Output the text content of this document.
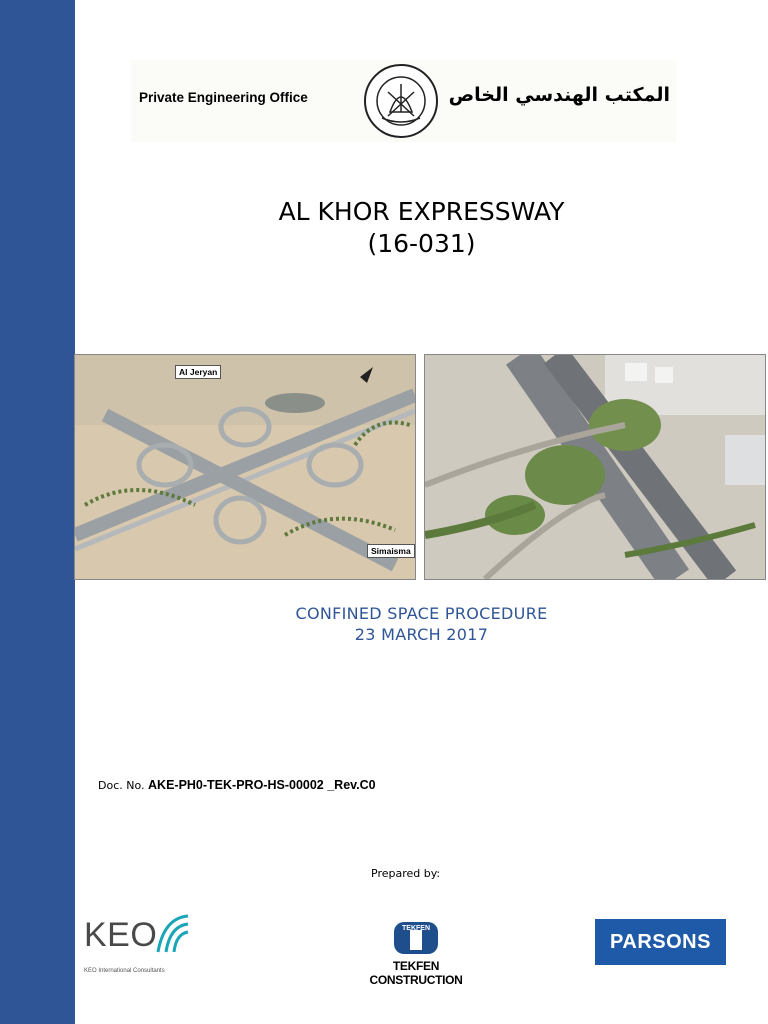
Private Engineering Office	المكتب الهندسي الخاص
AL KHOR EXPRESSWAY
(16-031)
Al Jeryan
Simaisma
CONFINED SPACE PROCEDURE
23 MARCH 2017
Doc. No. AKE-PH0-TEK-PRO-HS-00002 _Rev.C0
Prepared by:
KEO
KEO International Consultants
TEKFEN
TEKFEN CONSTRUCTION
PARSONS
